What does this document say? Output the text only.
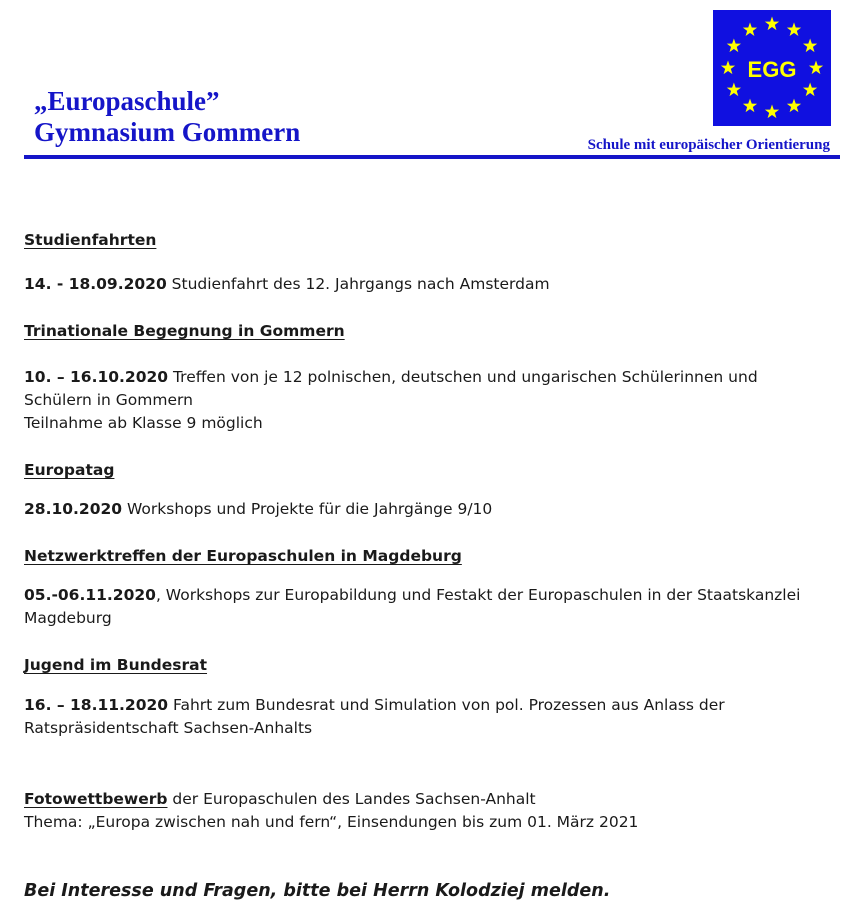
„Europaschule”
Gymnasium Gommern
EGG
Schule mit europäischer Orientierung
Studienfahrten
14. - 18.09.2020 Studienfahrt des 12. Jahrgangs nach Amsterdam
Trinationale Begegnung in Gommern
10. – 16.10.2020 Treffen von je 12 polnischen, deutschen und ungarischen Schülerinnen und Schülern in Gommern
Teilnahme ab Klasse 9 möglich
Europatag
28.10.2020 Workshops und Projekte für die Jahrgänge 9/10
Netzwerktreffen der Europaschulen in Magdeburg
05.-06.11.2020, Workshops zur Europabildung und Festakt der Europaschulen in der Staatskanzlei Magdeburg
Jugend im Bundesrat
16. – 18.11.2020 Fahrt zum Bundesrat und Simulation von pol. Prozessen aus Anlass der Ratspräsidentschaft Sachsen-Anhalts
Fotowettbewerb der Europaschulen des Landes Sachsen-Anhalt
Thema: „Europa zwischen nah und fern“, Einsendungen bis zum 01. März 2021
Bei Interesse und Fragen, bitte bei Herrn Kolodziej melden.
